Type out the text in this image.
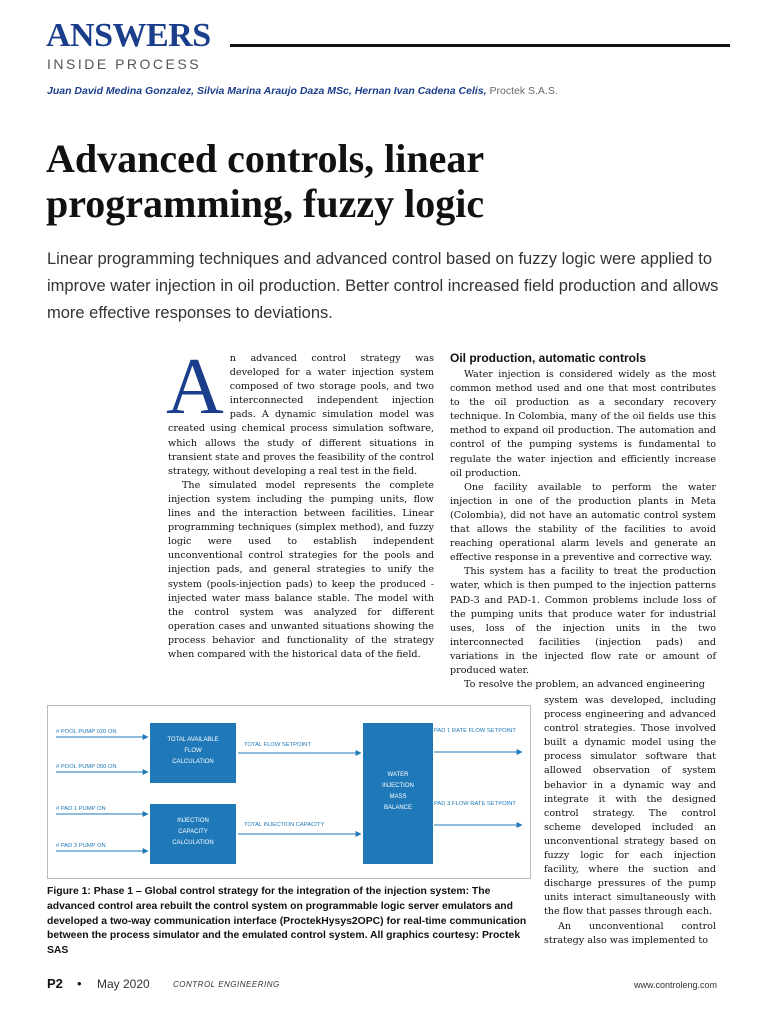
ANSWERS
INSIDE PROCESS
Juan David Medina Gonzalez, Silvia Marina Araujo Daza MSc, Hernan Ivan Cadena Celis, Proctek S.A.S.
Advanced controls, linear programming, fuzzy logic

Linear programming techniques and advanced control based on fuzzy logic were applied to improve water injection in oil production. Better control increased field production and allows more effective responses to deviations.

An advanced control strategy was developed for a water injection system composed of two storage pools, and two interconnected independent injection pads. A dynamic simulation model was created using chemical process simulation software, which allows the study of different situations in transient state and proves the feasibility of the control strategy, without developing a real test in the field.

The simulated model represents the complete injection system including the pumping units, flow lines and the interaction between facilities. Linear programming techniques (simplex method), and fuzzy logic were used to establish independent unconventional control strategies for the pools and injection pads, and general strategies to unify the system (pools-injection pads) to keep the produced - injected water mass balance stable. The model with the control system was analyzed for different operation cases and unwanted situations showing the process behavior and functionality of the strategy when compared with the historical data of the field.

Oil production, automatic controls

Water injection is considered widely as the most common method used and one that most contributes to the oil production as a secondary recovery technique. In Colombia, many of the oil fields use this method to expand oil production. The automation and control of the pumping systems is fundamental to regulate the water injection and efficiently increase oil production.

One facility available to perform the water injection in one of the production plants in Meta (Colombia), did not have an automatic control system that allows the stability of the facilities to avoid reaching operational alarm levels and generate an effective response in a preventive and corrective way.

This system has a facility to treat the production water, which is then pumped to the injection patterns PAD-3 and PAD-1. Common problems include loss of the pumping units that produce water for industrial uses, loss of the injection units in the two interconnected facilities (injection pads) and variations in the injected flow rate or amount of produced water.

To resolve the problem, an advanced engineering

system was developed, including process engineering and advanced control strategies. Those involved built a dynamic model using the process simulator software that allowed observation of system behavior in a dynamic way and integrate it with the designed control strategy. The control scheme developed included an unconventional strategy based on fuzzy logic for each injection facility, where the suction and discharge pressures of the pump units interact simultaneously with the flow that passes through each.

An unconventional control strategy also was implemented to

# POOL PUMP 020 ON
# POOL PUMP 050 ON
# PAD 1 PUMP ON
# PAD 3 PUMP ON
TOTAL AVAILABLE
FLOW
CALCULATION
INJECTION
CAPACITY
CALCULATION
TOTAL FLOW SETPOINT
TOTAL INJECTION CAPACITY
WATER
INJECTION
MASS
BALANCE
PAD 1 RATE FLOW SETPOINT
PAD 3 FLOW RATE SETPOINT

Figure 1: Phase 1 – Global control strategy for the integration of the injection system: The advanced control area rebuilt the control system on programmable logic server emulators and developed a two-way communication interface (ProctekHysys2OPC) for real-time communication between the process simulator and the emulated control system. All graphics courtesy: Proctek SAS

P2 • May 2020	CONTROL ENGINEERING	www.controleng.com
